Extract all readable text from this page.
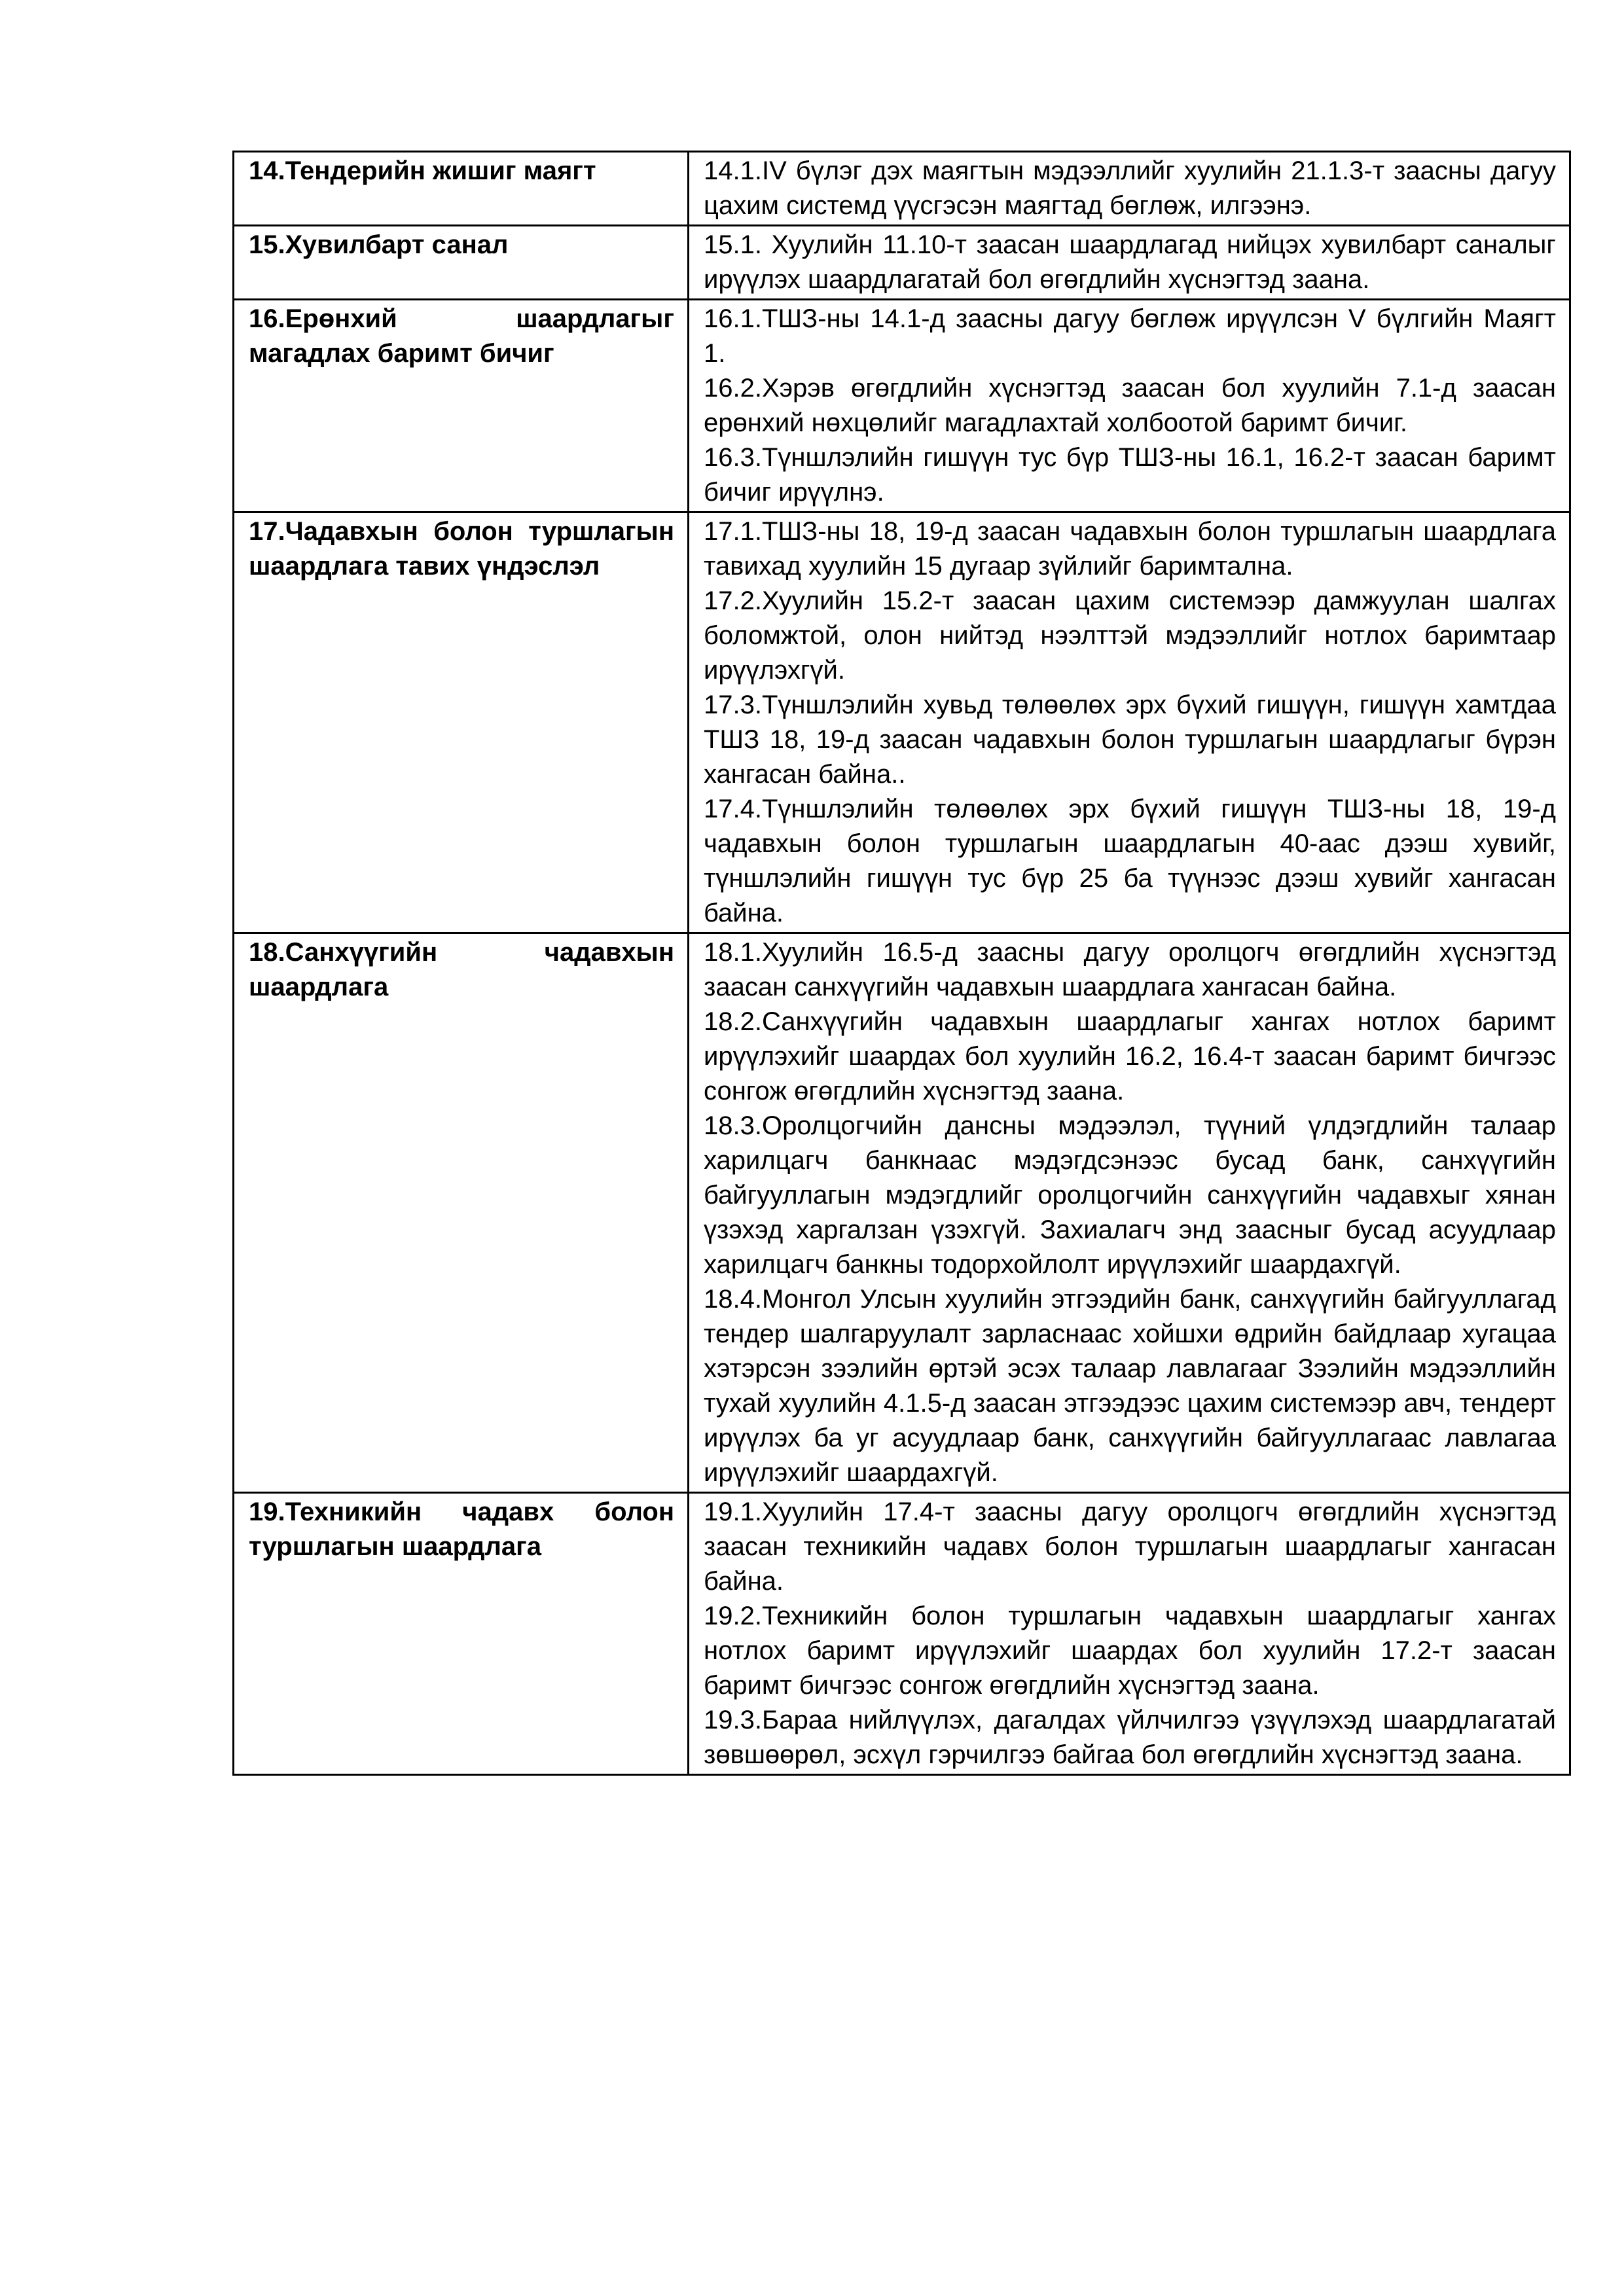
14.Тендерийн жишиг маягт	14.1.IV бүлэг дэх маягтын мэдээллийг хуулийн 21.1.3-т заасны дагуу цахим системд үүсгэсэн маягтад бөглөж, илгээнэ.

15.Хувилбарт санал	15.1. Хуулийн 11.10-т заасан шаардлагад нийцэх хувилбарт саналыг ирүүлэх шаардлагатай бол өгөгдлийн хүснэгтэд заана.

16.Ерөнхий шаардлагыг магадлах баримт бичиг	16.1.ТШЗ-ны 14.1-д заасны дагуу бөглөж ирүүлсэн V бүлгийн Маягт 1.

16.2.Хэрэв өгөгдлийн хүснэгтэд заасан бол хуулийн 7.1-д заасан ерөнхий нөхцөлийг магадлахтай холбоотой баримт бичиг.

16.3.Түншлэлийн гишүүн тус бүр ТШЗ-ны 16.1, 16.2-т заасан баримт бичиг ирүүлнэ.

17.Чадавхын болон туршлагын шаардлага тавих үндэслэл	17.1.ТШЗ-ны 18, 19-д заасан чадавхын болон туршлагын шаардлага тавихад хуулийн 15 дугаар зүйлийг баримтална.

17.2.Хуулийн 15.2-т заасан цахим системээр дамжуулан шалгах боломжтой, олон нийтэд нээлттэй мэдээллийг нотлох баримтаар ирүүлэхгүй.

17.3.Түншлэлийн хувьд төлөөлөх эрх бүхий гишүүн, гишүүн хамтдаа ТШЗ 18, 19-д заасан чадавхын болон туршлагын шаардлагыг бүрэн хангасан байна..

17.4.Түншлэлийн төлөөлөх эрх бүхий гишүүн ТШЗ-ны 18, 19-д чадавхын болон туршлагын шаардлагын 40-аас дээш хувийг, түншлэлийн гишүүн тус бүр 25 ба түүнээс дээш хувийг хангасан байна.

18.Санхүүгийн чадавхын шаардлага	18.1.Хуулийн 16.5-д заасны дагуу оролцогч өгөгдлийн хүснэгтэд заасан санхүүгийн чадавхын шаардлага хангасан байна.

18.2.Санхүүгийн чадавхын шаардлагыг хангах нотлох баримт ирүүлэхийг шаардах бол хуулийн 16.2, 16.4-т заасан баримт бичгээс сонгож өгөгдлийн хүснэгтэд заана.

18.3.Оролцогчийн дансны мэдээлэл, түүний үлдэгдлийн талаар харилцагч банкнаас мэдэгдсэнээс бусад банк, санхүүгийн байгууллагын мэдэгдлийг оролцогчийн санхүүгийн чадавхыг хянан үзэхэд харгалзан үзэхгүй. Захиалагч энд заасныг бусад асуудлаар харилцагч банкны тодорхойлолт ирүүлэхийг шаардахгүй.

18.4.Монгол Улсын хуулийн этгээдийн банк, санхүүгийн байгууллагад тендер шалгаруулалт зарласнаас хойшхи өдрийн байдлаар хугацаа хэтэрсэн зээлийн өртэй эсэх талаар лавлагааг Зээлийн мэдээллийн тухай хуулийн 4.1.5-д заасан этгээдээс цахим системээр авч, тендерт ирүүлэх ба уг асуудлаар банк, санхүүгийн байгууллагаас лавлагаа ирүүлэхийг шаардахгүй.

19.Техникийн чадавх болон туршлагын шаардлага	19.1.Хуулийн 17.4-т заасны дагуу оролцогч өгөгдлийн хүснэгтэд заасан техникийн чадавх болон туршлагын шаардлагыг хангасан байна.

19.2.Техникийн болон туршлагын чадавхын шаардлагыг хангах нотлох баримт ирүүлэхийг шаардах бол хуулийн 17.2-т заасан баримт бичгээс сонгож өгөгдлийн хүснэгтэд заана.

19.3.Бараа нийлүүлэх, дагалдах үйлчилгээ үзүүлэхэд шаардлагатай зөвшөөрөл, эсхүл гэрчилгээ байгаа бол өгөгдлийн хүснэгтэд заана.
